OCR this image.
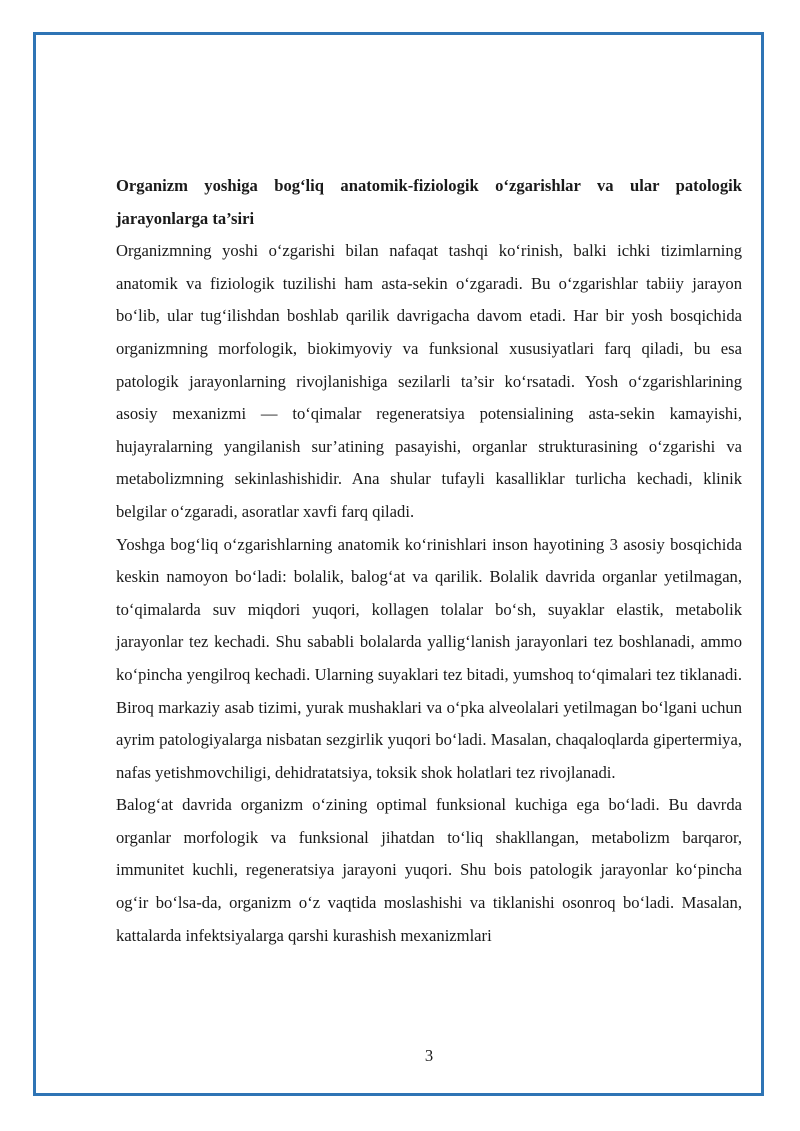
Organizm yoshiga bog‘liq anatomik-fiziologik o‘zgarishlar va ular patologik jarayonlarga ta’siri

Organizmning yoshi o‘zgarishi bilan nafaqat tashqi ko‘rinish, balki ichki tizimlarning anatomik va fiziologik tuzilishi ham asta-sekin o‘zgaradi. Bu o‘zgarishlar tabiiy jarayon bo‘lib, ular tug‘ilishdan boshlab qarilik davrigacha davom etadi. Har bir yosh bosqichida organizmning morfologik, biokimyoviy va funksional xususiyatlari farq qiladi, bu esa patologik jarayonlarning rivojlanishiga sezilarli ta’sir ko‘rsatadi. Yosh o‘zgarishlarining asosiy mexanizmi — to‘qimalar regeneratsiya potensialining asta-sekin kamayishi, hujayralarning yangilanish sur’atining pasayishi, organlar strukturasining o‘zgarishi va metabolizmning sekinlashishidir. Ana shular tufayli kasalliklar turlicha kechadi, klinik belgilar o‘zgaradi, asoratlar xavfi farq qiladi.

Yoshga bog‘liq o‘zgarishlarning anatomik ko‘rinishlari inson hayotining 3 asosiy bosqichida keskin namoyon bo‘ladi: bolalik, balog‘at va qarilik. Bolalik davrida organlar yetilmagan, to‘qimalarda suv miqdori yuqori, kollagen tolalar bo‘sh, suyaklar elastik, metabolik jarayonlar tez kechadi. Shu sababli bolalarda yallig‘lanish jarayonlari tez boshlanadi, ammo ko‘pincha yengilroq kechadi. Ularning suyaklari tez bitadi, yumshoq to‘qimalari tez tiklanadi. Biroq markaziy asab tizimi, yurak mushaklari va o‘pka alveolalari yetilmagan bo‘lgani uchun ayrim patologiyalarga nisbatan sezgirlik yuqori bo‘ladi. Masalan, chaqaloqlarda gipertermiya, nafas yetishmovchiligi, dehidratatsiya, toksik shok holatlari tez rivojlanadi.

Balog‘at davrida organizm o‘zining optimal funksional kuchiga ega bo‘ladi. Bu davrda organlar morfologik va funksional jihatdan to‘liq shakllangan, metabolizm barqaror, immunitet kuchli, regeneratsiya jarayoni yuqori. Shu bois patologik jarayonlar ko‘pincha og‘ir bo‘lsa-da, organizm o‘z vaqtida moslashishi va tiklanishi osonroq bo‘ladi. Masalan, kattalarda infektsiyalarga qarshi kurashish mexanizmlari

3
